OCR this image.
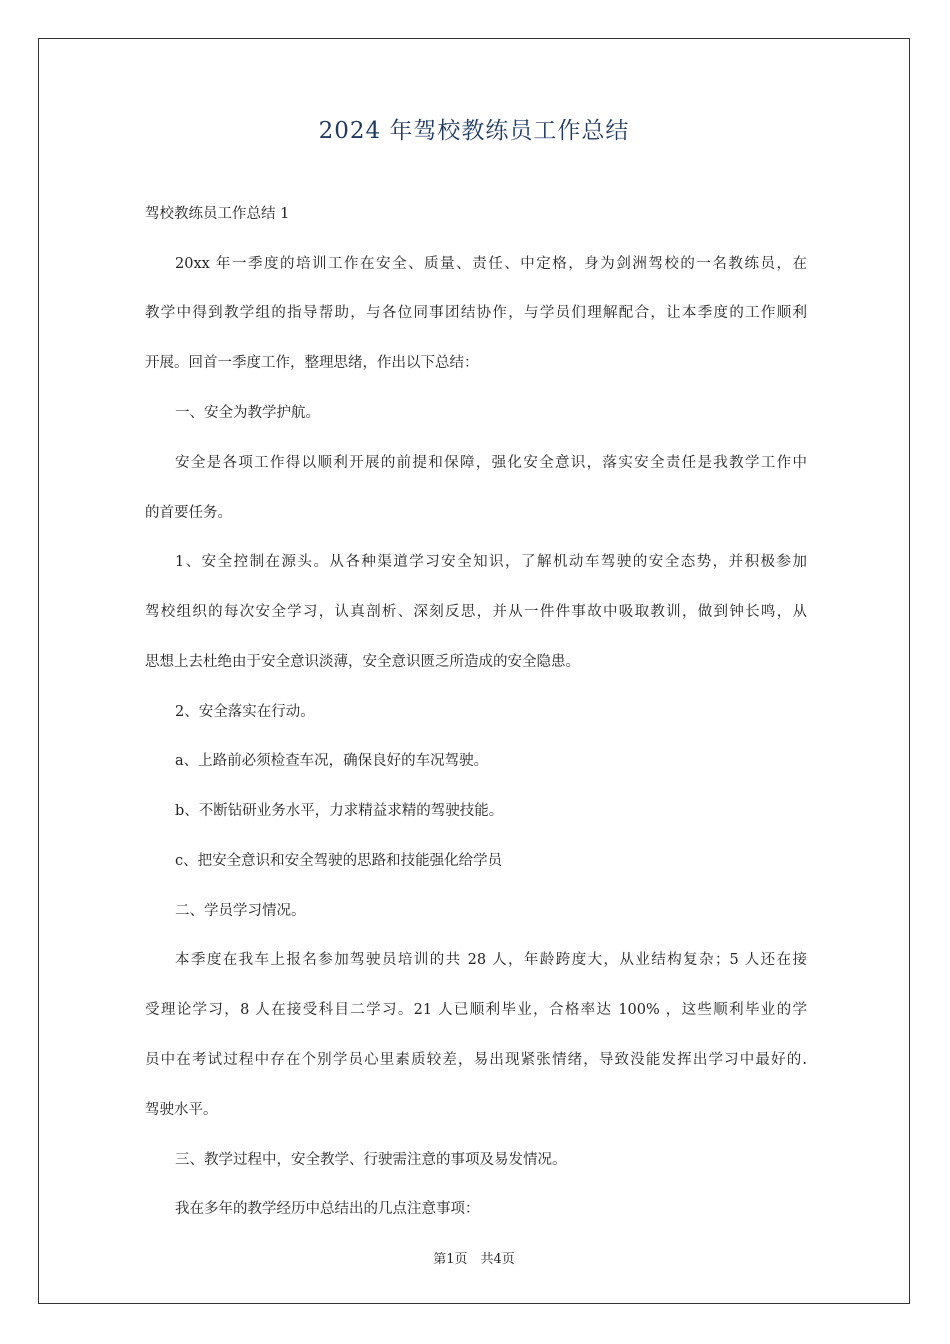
2024 年驾校教练员工作总结
驾校教练员工作总结 1
20xx 年一季度的培训工作在安全、质量、责任、中定格，身为剑洲驾校的一名教练员，在
教学中得到教学组的指导帮助，与各位同事团结协作，与学员们理解配合，让本季度的工作顺利
开展。回首一季度工作，整理思绪，作出以下总结：
一、安全为教学护航。
安全是各项工作得以顺利开展的前提和保障，强化安全意识，落实安全责任是我教学工作中
的首要任务。
1、安全控制在源头。从各种渠道学习安全知识，了解机动车驾驶的安全态势，并积极参加
驾校组织的每次安全学习，认真剖析、深刻反思，并从一件件事故中吸取教训，做到钟长鸣，从
思想上去杜绝由于安全意识淡薄，安全意识匮乏所造成的安全隐患。
2、安全落实在行动。
a、上路前必须检查车况，确保良好的车况驾驶。
b、不断钻研业务水平，力求精益求精的驾驶技能。
c、把安全意识和安全驾驶的思路和技能强化给学员
二、学员学习情况。
本季度在我车上报名参加驾驶员培训的共 28 人，年龄跨度大，从业结构复杂；5 人还在接
受理论学习，8 人在接受科目二学习。21 人已顺利毕业，合格率达 100% ，这些顺利毕业的学
员中在考试过程中存在个别学员心里素质较差，易出现紧张情绪，导致没能发挥出学习中最好的.
驾驶水平。
三、教学过程中，安全教学、行驶需注意的事项及易发情况。
我在多年的教学经历中总结出的几点注意事项：
第1页　共4页
